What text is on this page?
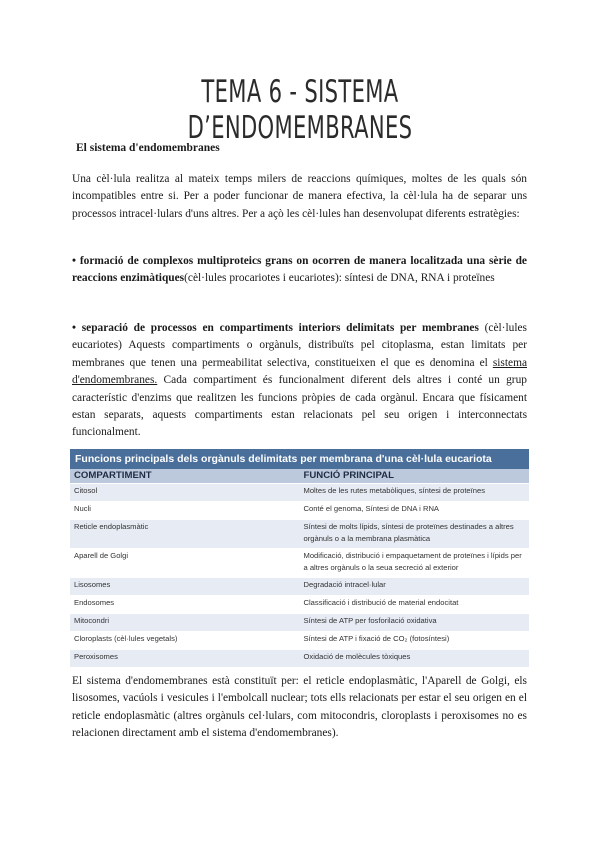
TEMA 6 - SISTEMA D’ENDOMEMBRANES
El sistema d'endomembranes

Una cèl·lula realitza al mateix temps milers de reaccions químiques, moltes de les quals són incompatibles entre si. Per a poder funcionar de manera efectiva, la cèl·lula ha de separar uns processos intracel·lulars d'uns altres. Per a açò les cèl·lules han desenvolupat diferents estratègies:

• formació de complexos multiproteics grans on ocorren de manera localitzada una sèrie de reaccions enzimàtiques(cèl·lules procariotes i eucariotes): síntesi de DNA, RNA i proteïnes

• separació de processos en compartiments interiors delimitats per membranes (cèl·lules eucariotes) Aquests compartiments o orgànuls, distribuïts pel citoplasma, estan limitats per membranes que tenen una permeabilitat selectiva, constitueixen el que es denomina el sistema d'endomembranes. Cada compartiment és funcionalment diferent dels altres i conté un grup característic d'enzims que realitzen les funcions pròpies de cada orgànul. Encara que físicament estan separats, aquests compartiments estan relacionats pel seu origen i interconnectats funcionalment.

Funcions principals dels orgànuls delimitats per membrana d'una cèl·lula eucariota
COMPARTIMENT	FUNCIÓ PRINCIPAL
Citosol	Moltes de les rutes metabòliques, síntesi de proteïnes
Nucli	Conté el genoma, Síntesi de DNA i RNA
Reticle endoplasmàtic	Síntesi de molts lípids, síntesi de proteïnes destinades a altres orgànuls o a la membrana plasmàtica
Aparell de Golgi	Modificació, distribució i empaquetament de proteïnes i lípids per a altres orgànuls o la seua secreció al exterior
Lisosomes	Degradació intracel·lular
Endosomes	Classificació i distribució de material endocitat
Mitocondri	Síntesi de ATP per fosforilació oxidativa
Cloroplasts (cèl·lules vegetals)	Síntesi de ATP i fixació de CO₂ (fotosíntesi)
Peroxisomes	Oxidació de molècules tòxiques

El sistema d'endomembranes està constituït per: el reticle endoplasmàtic, l'Aparell de Golgi, els lisosomes, vacúols i vesicules i l'embolcall nuclear; tots ells relacionats per estar el seu origen en el reticle endoplasmàtic (altres orgànuls cel·lulars, com mitocondris, cloroplasts i peroxisomes no es relacionen directament amb el sistema d'endomembranes).
